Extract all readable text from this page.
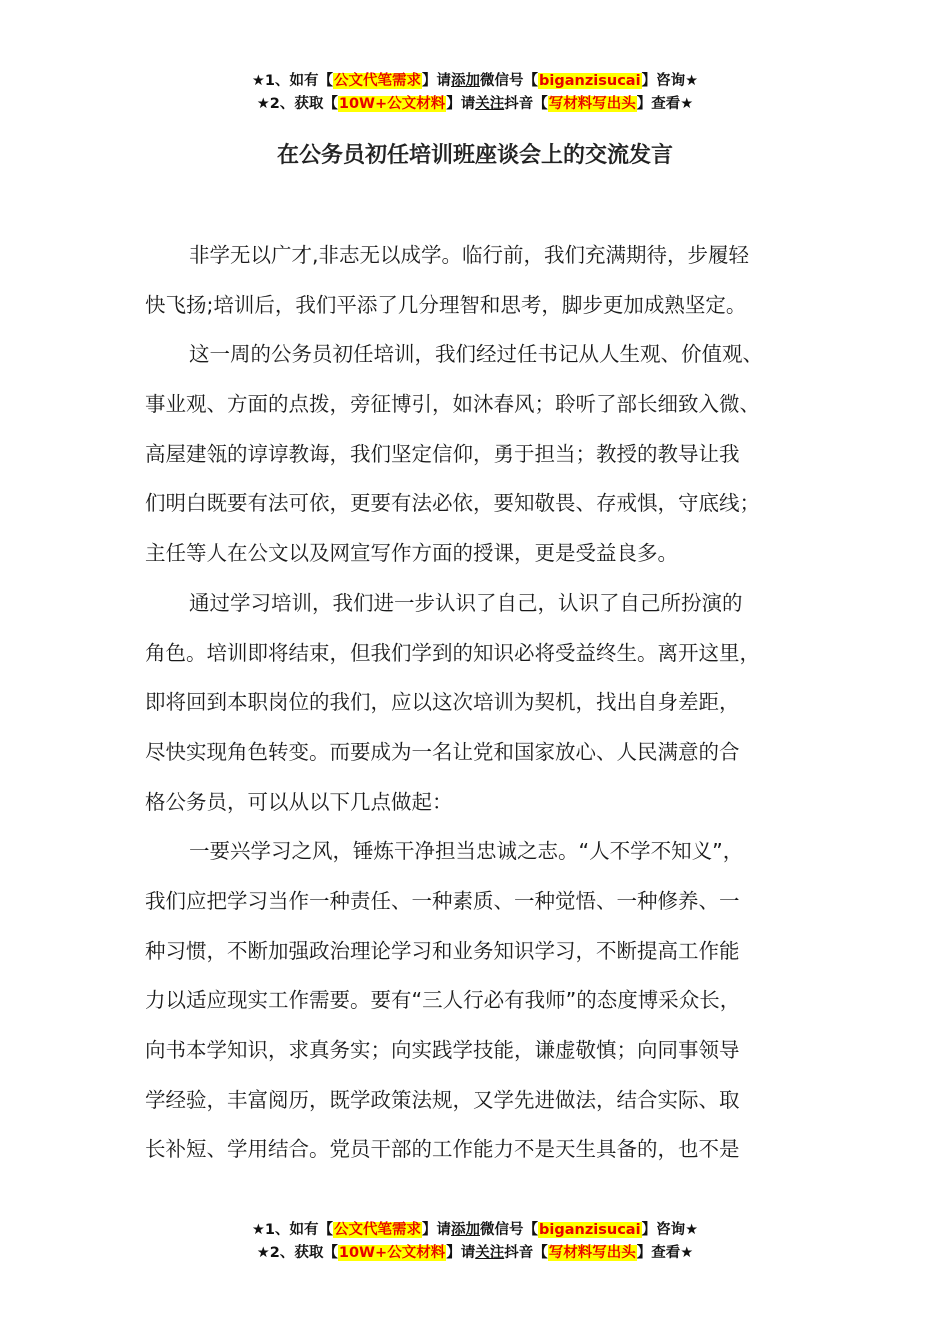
★1、如有【公文代笔需求】请添加微信号【biganzisucai】咨询★
★2、获取【10W+公文材料】请关注抖音【写材料写出头】查看★
在公务员初任培训班座谈会上的交流发言
非学无以广才,非志无以成学。临行前，我们充满期待，步履轻
快飞扬;培训后，我们平添了几分理智和思考，脚步更加成熟坚定。
这一周的公务员初任培训，我们经过任书记从人生观、价值观、
事业观、方面的点拨，旁征博引，如沐春风；聆听了部长细致入微、
高屋建瓴的谆谆教诲，我们坚定信仰，勇于担当；教授的教导让我
们明白既要有法可依，更要有法必依，要知敬畏、存戒惧，守底线；
主任等人在公文以及网宣写作方面的授课，更是受益良多。
通过学习培训，我们进一步认识了自己，认识了自己所扮演的
角色。培训即将结束，但我们学到的知识必将受益终生。离开这里，
即将回到本职岗位的我们，应以这次培训为契机，找出自身差距，
尽快实现角色转变。而要成为一名让党和国家放心、人民满意的合
格公务员，可以从以下几点做起：
一要兴学习之风，锤炼干净担当忠诚之志。“人不学不知义”，
我们应把学习当作一种责任、一种素质、一种觉悟、一种修养、一
种习惯，不断加强政治理论学习和业务知识学习，不断提高工作能
力以适应现实工作需要。要有“三人行必有我师”的态度博采众长，
向书本学知识，求真务实；向实践学技能，谦虚敬慎；向同事领导
学经验，丰富阅历，既学政策法规，又学先进做法，结合实际、取
长补短、学用结合。党员干部的工作能力不是天生具备的，也不是
★1、如有【公文代笔需求】请添加微信号【biganzisucai】咨询★
★2、获取【10W+公文材料】请关注抖音【写材料写出头】查看★
